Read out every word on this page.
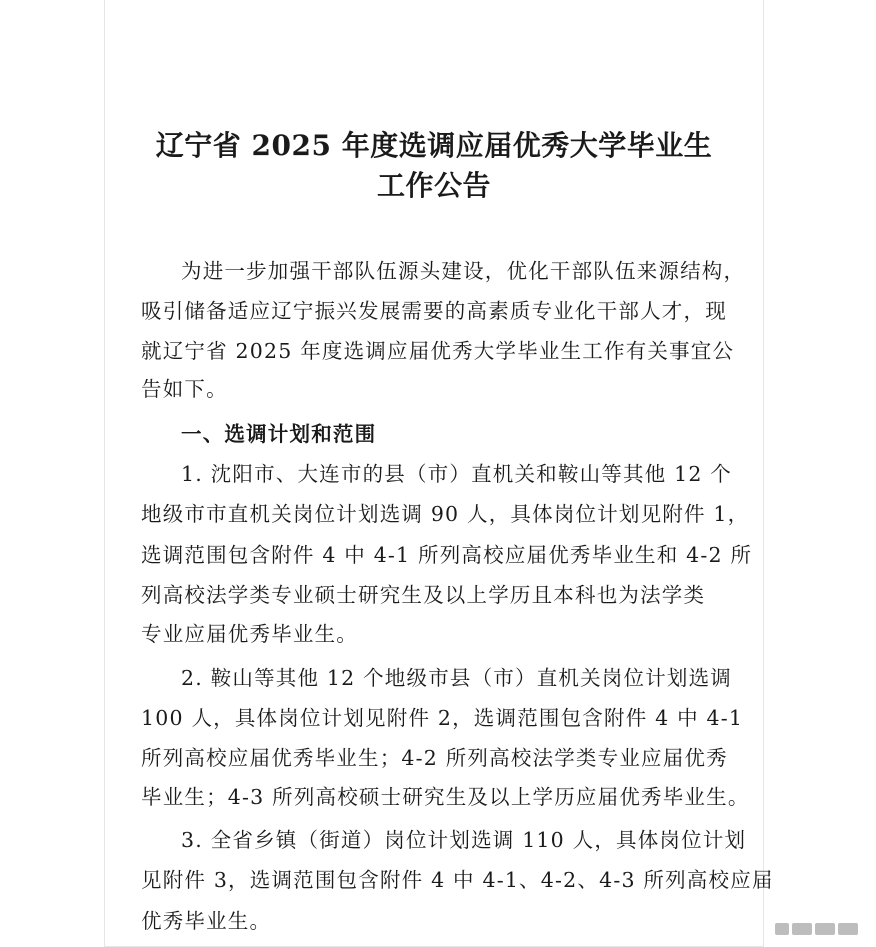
辽宁省 2025 年度选调应届优秀大学毕业生
工作公告
为进一步加强干部队伍源头建设，优化干部队伍来源结构，
吸引储备适应辽宁振兴发展需要的高素质专业化干部人才，现
就辽宁省 2025 年度选调应届优秀大学毕业生工作有关事宜公
告如下。
一、选调计划和范围
1. 沈阳市、大连市的县（市）直机关和鞍山等其他 12 个
地级市市直机关岗位计划选调 90 人，具体岗位计划见附件 1，
选调范围包含附件 4 中 4-1 所列高校应届优秀毕业生和 4-2 所
列高校法学类专业硕士研究生及以上学历且本科也为法学类
专业应届优秀毕业生。
2. 鞍山等其他 12 个地级市县（市）直机关岗位计划选调
100 人，具体岗位计划见附件 2，选调范围包含附件 4 中 4-1
所列高校应届优秀毕业生；4-2 所列高校法学类专业应届优秀
毕业生；4-3 所列高校硕士研究生及以上学历应届优秀毕业生。
3. 全省乡镇（街道）岗位计划选调 110 人，具体岗位计划
见附件 3，选调范围包含附件 4 中 4-1、4-2、4-3 所列高校应届
优秀毕业生。
